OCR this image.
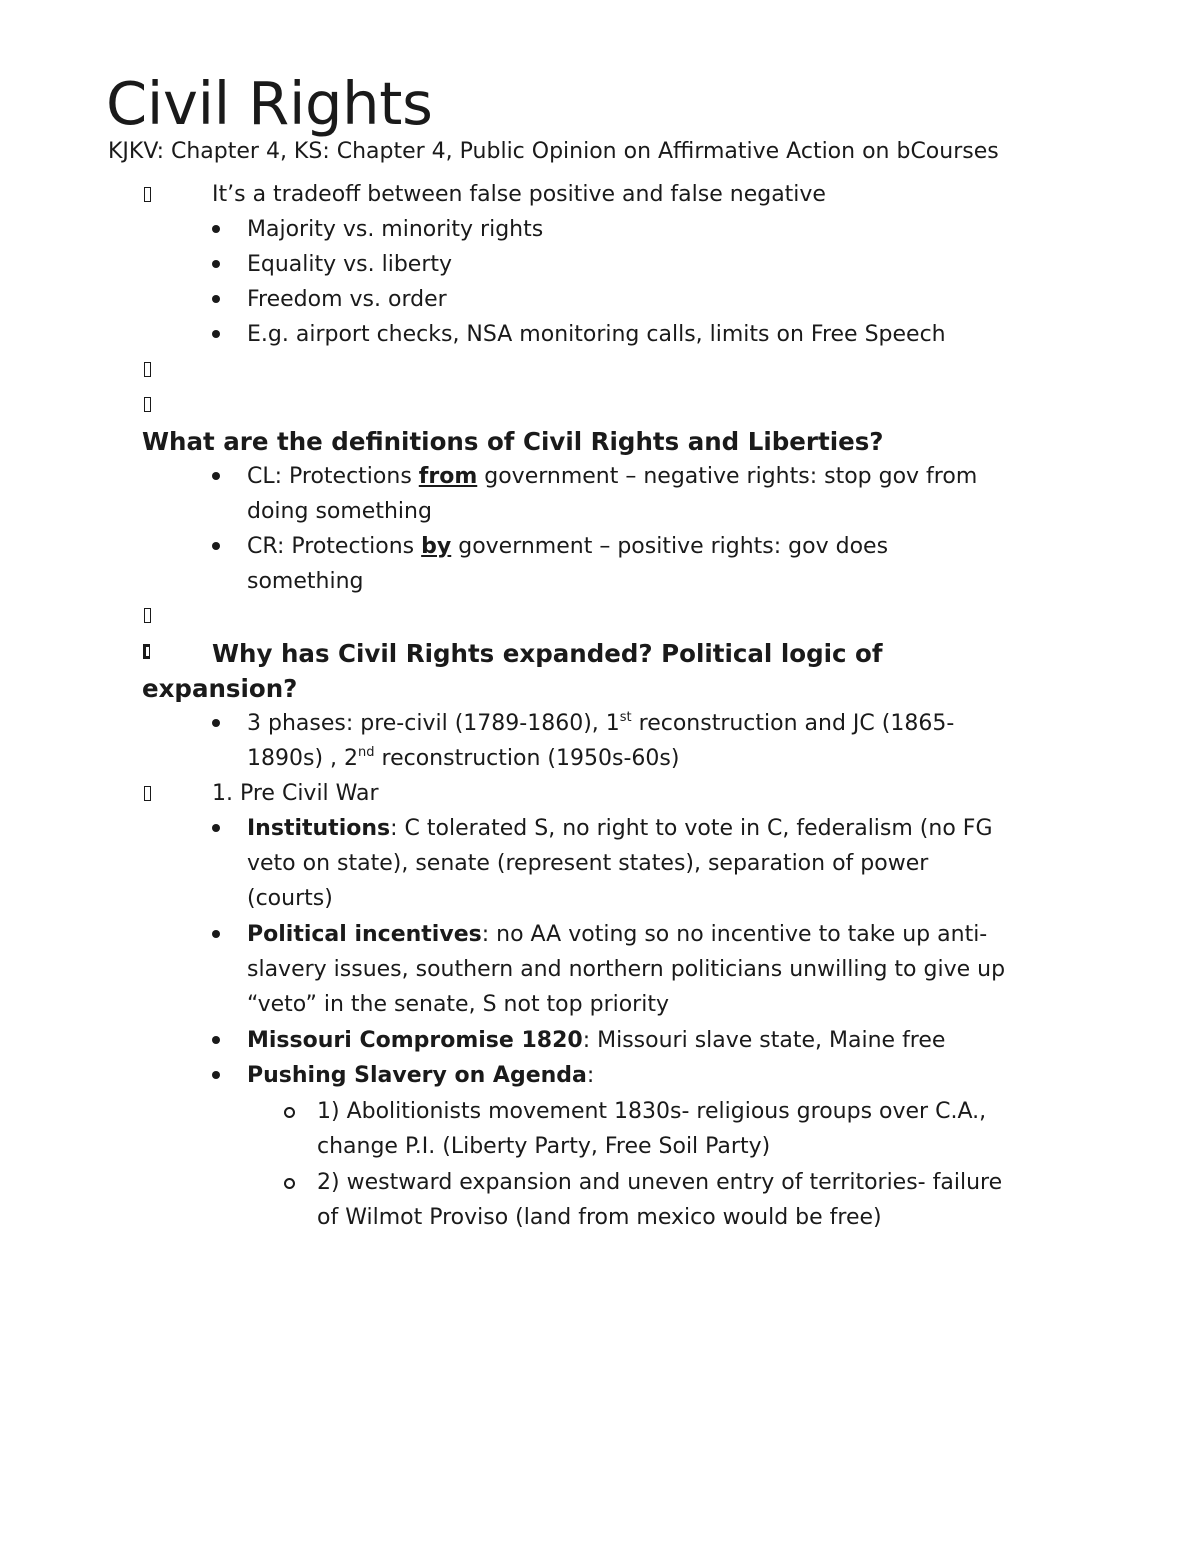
Civil Rights
KJKV: Chapter 4, KS: Chapter 4, Public Opinion on Affirmative Action on bCourses
It’s a tradeoff between false positive and false negative
Majority vs. minority rights
Equality vs. liberty
Freedom vs. order
E.g. airport checks, NSA monitoring calls, limits on Free Speech
What are the definitions of Civil Rights and Liberties?
CL: Protections from government – negative rights: stop gov from
doing something
CR: Protections by government – positive rights: gov does
something
Why has Civil Rights expanded? Political logic of
expansion?
3 phases: pre-civil (1789-1860), 1st reconstruction and JC (1865-
1890s) , 2nd reconstruction (1950s-60s)
1. Pre Civil War
Institutions: C tolerated S, no right to vote in C, federalism (no FG
veto on state), senate (represent states), separation of power
(courts)
Political incentives: no AA voting so no incentive to take up anti-
slavery issues, southern and northern politicians unwilling to give up
“veto” in the senate, S not top priority
Missouri Compromise 1820: Missouri slave state, Maine free
Pushing Slavery on Agenda:
1) Abolitionists movement 1830s- religious groups over C.A.,
change P.I. (Liberty Party, Free Soil Party)
2) westward expansion and uneven entry of territories- failure
of Wilmot Proviso (land from mexico would be free)
